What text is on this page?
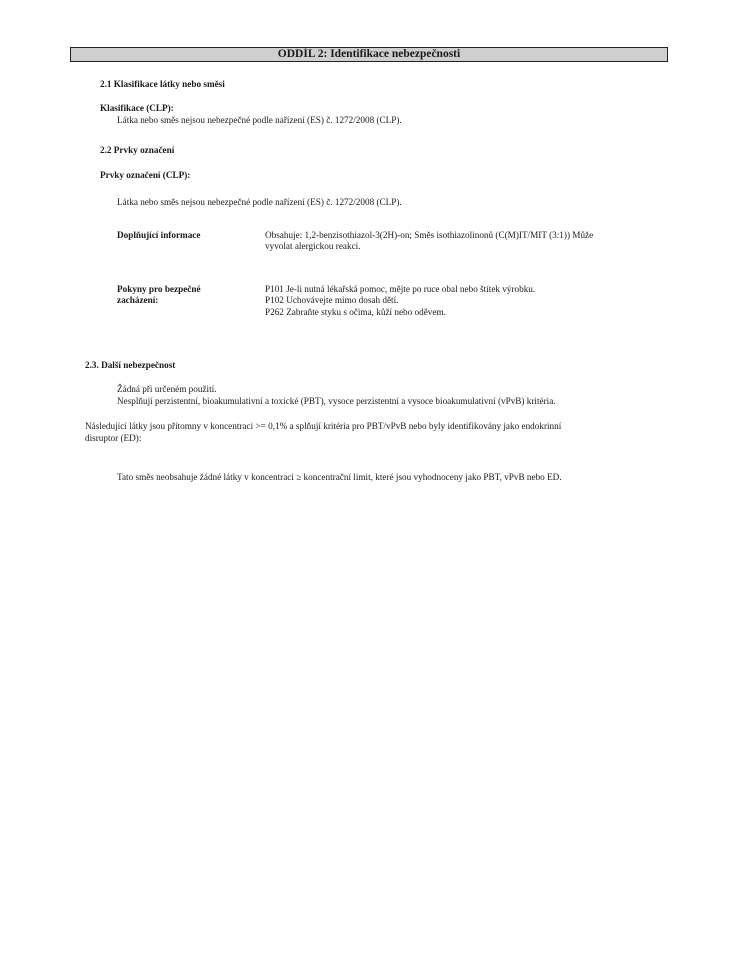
ODDÍL 2: Identifikace nebezpečnosti
2.1 Klasifikace látky nebo směsi
Klasifikace (CLP):
Látka nebo směs nejsou nebezpečné podle nařízení (ES) č. 1272/2008 (CLP).
2.2 Prvky označení
Prvky označení (CLP):
Látka nebo směs nejsou nebezpečné podle nařízení (ES) č. 1272/2008 (CLP).
Doplňující informace	Obsahuje: 1,2-benzisothiazol-3(2H)-on; Směs isothiazolinonů (C(M)IT/MIT (3:1)) Může
vyvolat alergickou reakci.
Pokyny pro bezpečné
zacházení:
P101 Je-li nutná lékařská pomoc, mějte po ruce obal nebo štítek výrobku.
P102 Uchovávejte mimo dosah dětí.
P262 Zabraňte styku s očima, kůží nebo oděvem.
2.3. Další nebezpečnost
Žádná při určeném použití.
Nesplňují perzistentní, bioakumulativní a toxické (PBT), vysoce perzistentní a vysoce bioakumulativní (vPvB) kritéria.
Následující látky jsou přítomny v koncentraci >= 0,1% a splňují kritéria pro PBT/vPvB nebo byly identifikovány jako endokrinní
disruptor (ED):
Tato směs neobsahuje žádné látky v koncentraci ≥ koncentrační limit, které jsou vyhodnoceny jako PBT, vPvB nebo ED.
